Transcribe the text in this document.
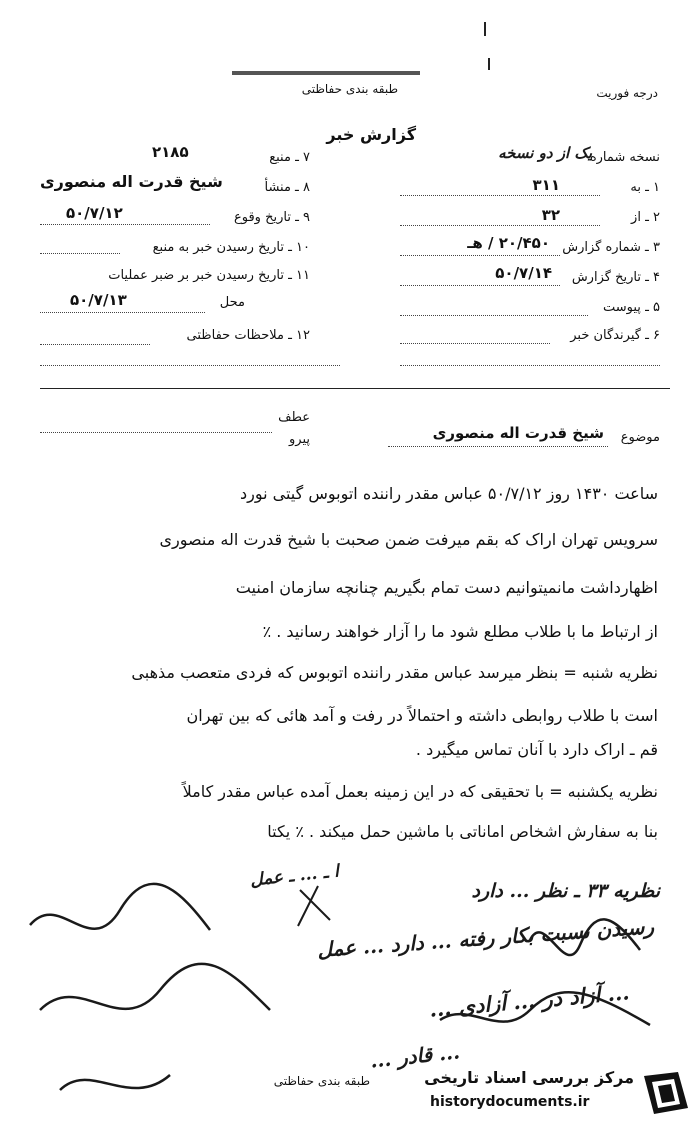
درجه فوریت
طبقه بندی حفاظتی
گزارش خبر
نسخه شماره
یک از دو نسخه
۱ ـ به
۳۱۱
۲ ـ از
۳۲
۳ ـ شماره گزارش
۲۰/۴۵۰ / هـ
۴ ـ تاریخ گزارش
۵۰/۷/۱۴
۵ ـ پیوست
۶ ـ گیرندگان خبر
۷ ـ منبع
۲۱۸۵
۸ ـ منشأ
شیخ قدرت اله منصوری
۹ ـ تاریخ وقوع
۵۰/۷/۱۲
۱۰ ـ تاریخ رسیدن خبر به منبع
۱۱ ـ تاریخ رسیدن خبر بر ضبر عملیات
محل
۵۰/۷/۱۳
۱۲ ـ ملاحظات حفاظتی
عطف
پیرو	موضوع
شیخ قدرت اله منصوری
ساعت ۱۴۳۰ روز ۵۰/۷/۱۲ عباس مقدر راننده اتوبوس گیتی نورد
سرویس تهران اراک که بقم میرفت ضمن صحبت با شیخ قدرت اله منصوری
اظهارداشت مانمیتوانیم دست تمام بگیریم چنانچه سازمان امنیت
از ارتباط ما با طلاب مطلع شود ما را آزار خواهند رسانید . ٪
نظریه شنبه = بنظر میرسد عباس مقدر راننده اتوبوس که فردی متعصب مذهبی
است با طلاب روابطی داشته و احتمالاً در رفت و آمد هائی که بین تهران
قم ـ اراک دارد با آنان تماس میگیرد .
نظریه یکشنبه = با تحقیقی که در این زمینه بعمل آمده عباس مقدر کاملاً
بنا به سفارش اشخاص اماناتی با ماشین حمل میکند . ٪ یکتا
ا ـ ... ـ عمل
نظریه ۳۳ ـ نظر ... دارد
رسیدن نسبت بکار رفته ... دارد ... عمل
... آزاد در ... آزادی ...
... قادر ...
طبقه بندی حفاظتی	مرکز بررسی اسناد تاریخی
historydocuments.ir
